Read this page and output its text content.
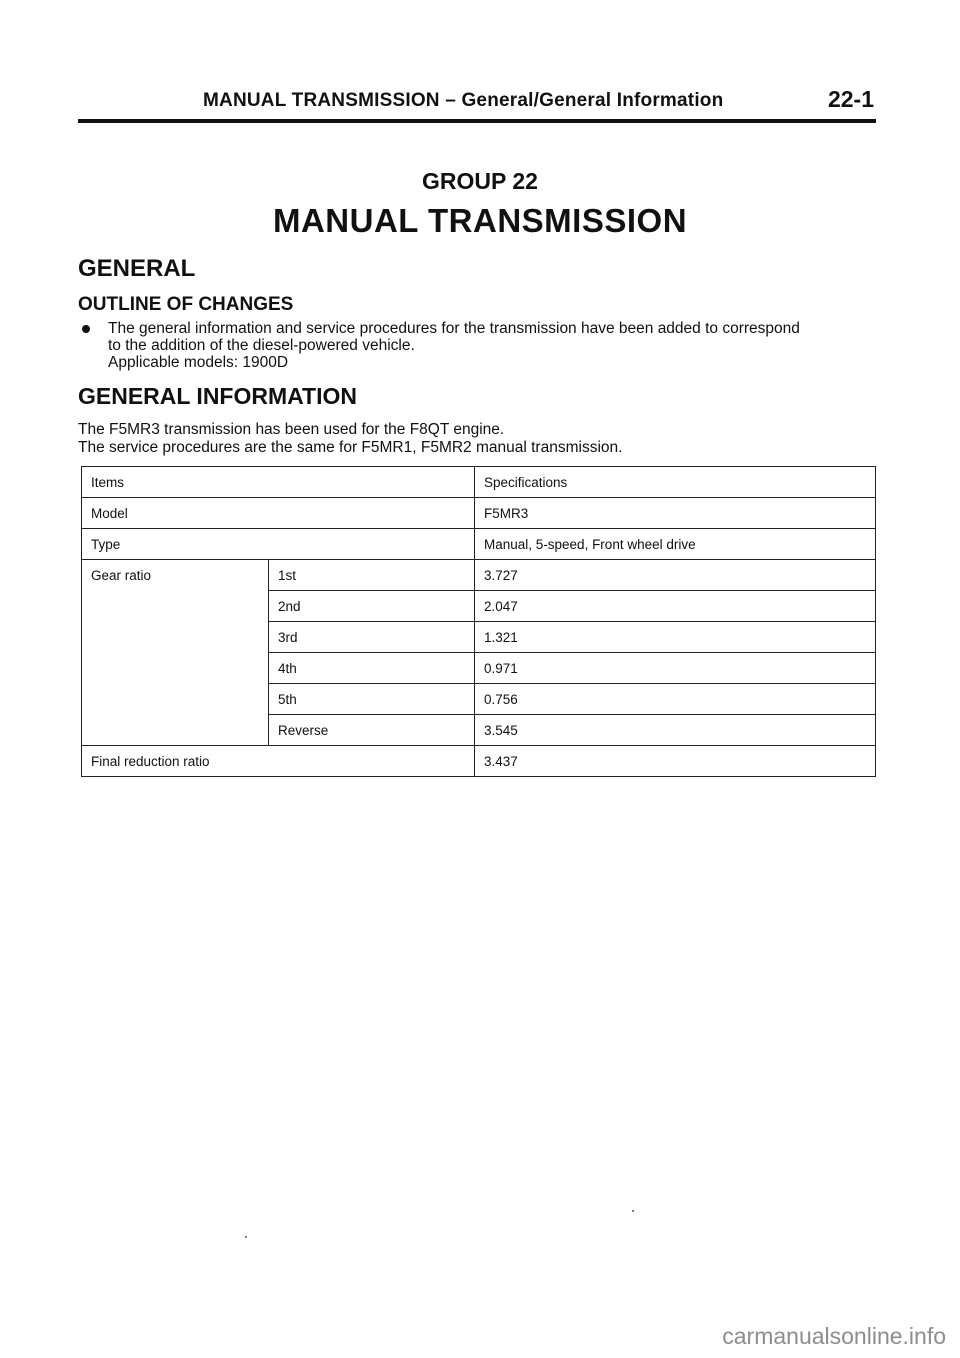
MANUAL TRANSMISSION – General/General Information	22-1
GROUP 22
MANUAL TRANSMISSION
GENERAL
OUTLINE OF CHANGES
The general information and service procedures for the transmission have been added to correspond
to the addition of the diesel-powered vehicle.
Applicable models: 1900D
GENERAL INFORMATION
The F5MR3 transmission has been used for the F8QT engine.
The service procedures are the same for F5MR1, F5MR2 manual transmission.
Items		Specifications
Model		F5MR3
Type		Manual, 5-speed, Front wheel drive
Gear ratio	1st	3.727
	2nd	2.047
	3rd	1.321
	4th	0.971
	5th	0.756
	Reverse	3.545
Final reduction ratio		3.437
carmanualsonline.info
